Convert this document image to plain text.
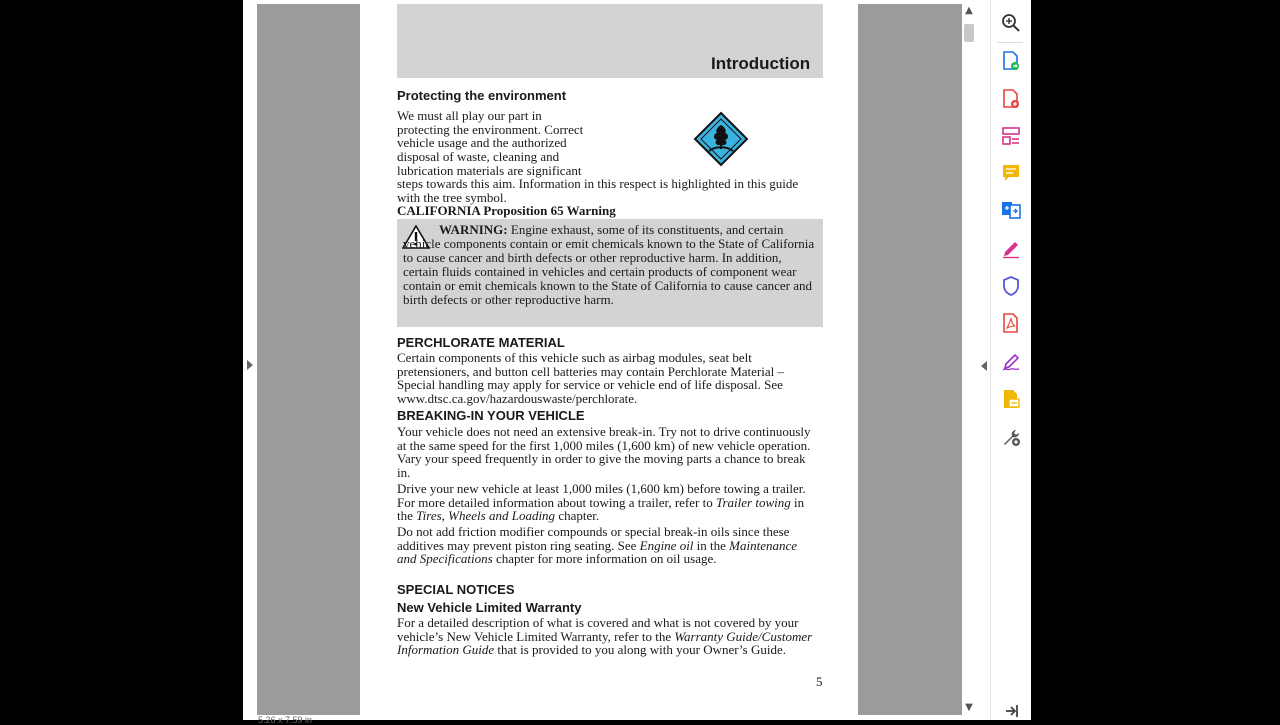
Introduction
Protecting the environment
We must all play our part in
protecting the environment. Correct
vehicle usage and the authorized
disposal of waste, cleaning and
lubrication materials are significant
steps towards this aim. Information in this respect is highlighted in this guide with the tree symbol.
CALIFORNIA Proposition 65 Warning
WARNING: Engine exhaust, some of its constituents, and certain vehicle components contain or emit chemicals known to the State of California to cause cancer and birth defects or other reproductive harm. In addition, certain fluids contained in vehicles and certain products of component wear contain or emit chemicals known to the State of California to cause cancer and birth defects or other reproductive harm.
PERCHLORATE MATERIAL
Certain components of this vehicle such as airbag modules, seat belt pretensioners, and button cell batteries may contain Perchlorate Material – Special handling may apply for service or vehicle end of life disposal. See www.dtsc.ca.gov/hazardouswaste/perchlorate.
BREAKING-IN YOUR VEHICLE
Your vehicle does not need an extensive break-in. Try not to drive continuously at the same speed for the first 1,000 miles (1,600 km) of new vehicle operation. Vary your speed frequently in order to give the moving parts a chance to break in.
Drive your new vehicle at least 1,000 miles (1,600 km) before towing a trailer. For more detailed information about towing a trailer, refer to Trailer towing in the Tires, Wheels and Loading chapter.
Do not add friction modifier compounds or special break-in oils since these additives may prevent piston ring seating. See Engine oil in the Maintenance and Specifications chapter for more information on oil usage.
SPECIAL NOTICES
New Vehicle Limited Warranty
For a detailed description of what is covered and what is not covered by your vehicle’s New Vehicle Limited Warranty, refer to the Warranty Guide/Customer Information Guide that is provided to you along with your Owner’s Guide.
5
▲
▼
5.26 x 7.59 in
